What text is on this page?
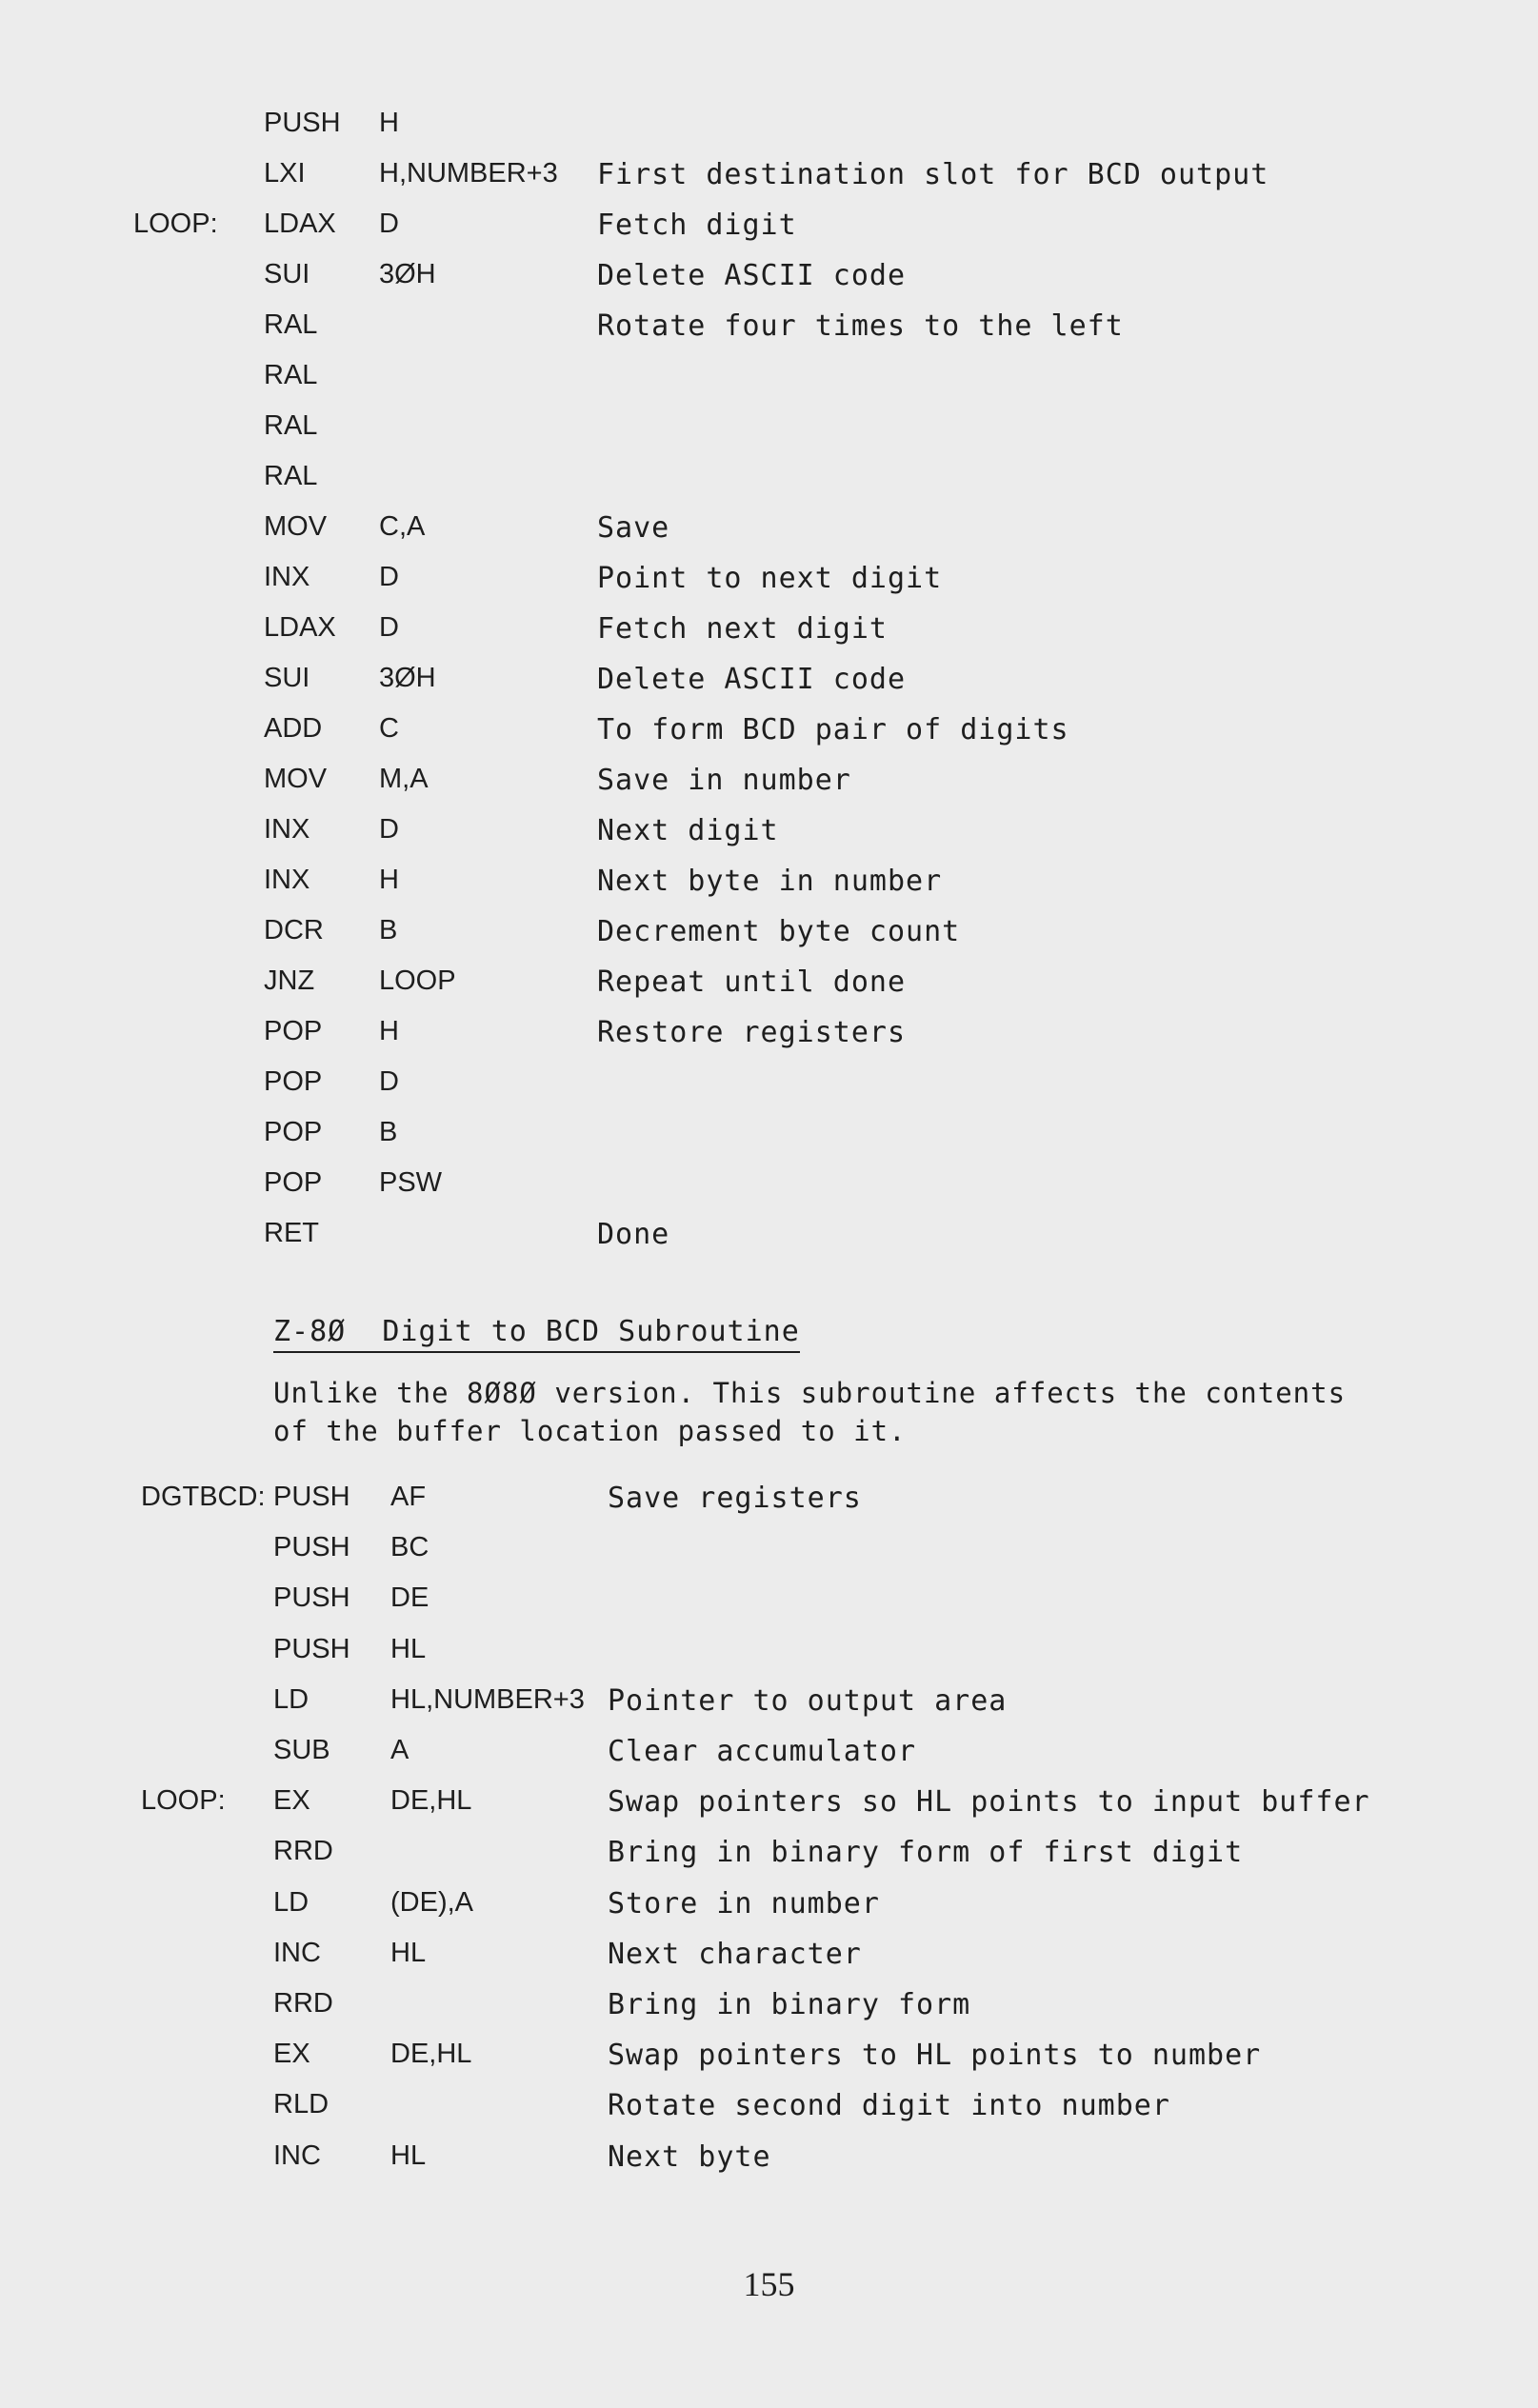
PUSH H
LXI	H,NUMBER+3 First destination slot for BCD output
LOOP: LDAX D	Fetch digit
SUI	3ØH	Delete ASCII code
RAL	Rotate four times to the left
RAL
RAL
RAL
MOV C,A	Save
INX	D	Point to next digit
LDAX D	Fetch next digit
SUI	3ØH	Delete ASCII code
ADD C	To form BCD pair of digits
MOV M,A	Save in number
INX	D	Next digit
INX	H	Next byte in number
DCR B	Decrement byte count
JNZ LOOP	Repeat until done
POP H	Restore registers
POP D
POP B
POP PSW
RET	Done
Z-8Ø  Digit to BCD Subroutine
Unlike the 8Ø8Ø version. This subroutine affects the contents
of the buffer location passed to it.
DGTBCD: PUSH AF	Save registers
PUSH BC
PUSH DE
PUSH HL
LD	HL,NUMBER+3 Pointer to output area
SUB A	Clear accumulator
LOOP: EX	DE,HL	Swap pointers so HL points to input buffer
RRD	Bring in binary form of first digit
LD	(DE),A	Store in number
INC	HL	Next character
RRD	Bring in binary form
EX	DE,HL	Swap pointers to HL points to number
RLD	Rotate second digit into number
INC	HL	Next byte
155
